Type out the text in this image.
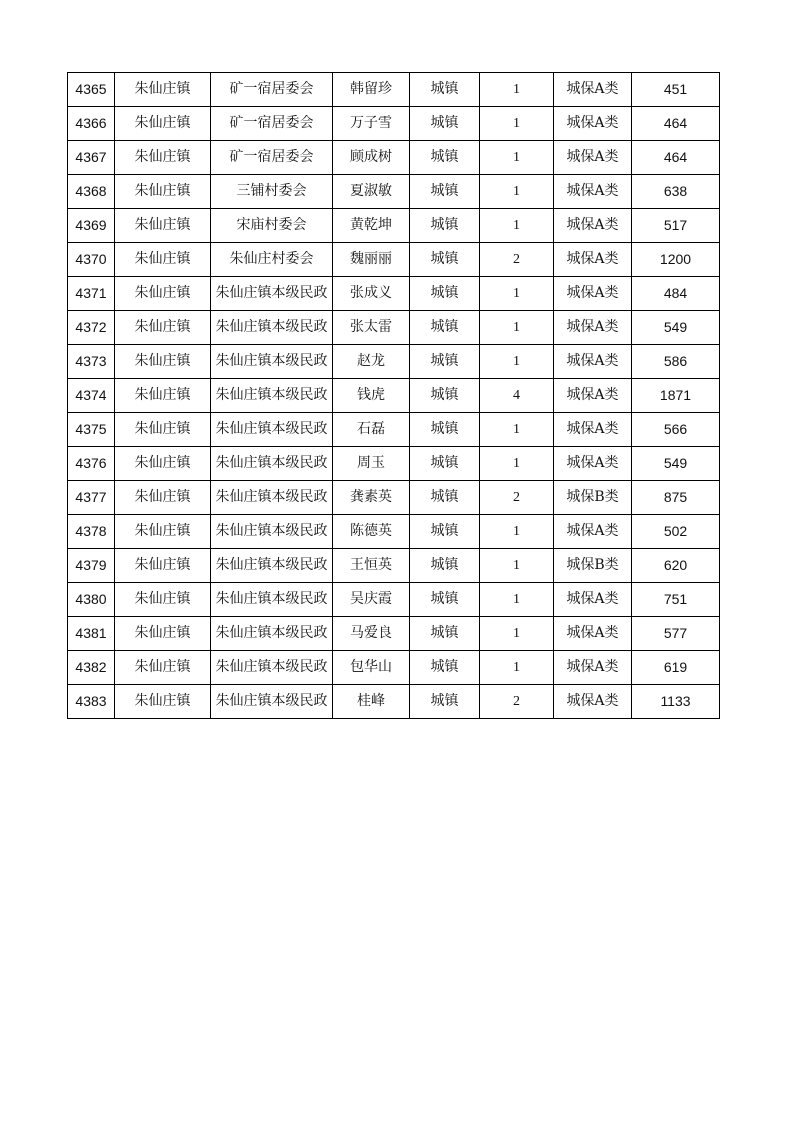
4365	朱仙庄镇	矿一宿居委会	韩留珍	城镇	1	城保A类	451
4366	朱仙庄镇	矿一宿居委会	万子雪	城镇	1	城保A类	464
4367	朱仙庄镇	矿一宿居委会	顾成树	城镇	1	城保A类	464
4368	朱仙庄镇	三铺村委会	夏淑敏	城镇	1	城保A类	638
4369	朱仙庄镇	宋庙村委会	黄乾坤	城镇	1	城保A类	517
4370	朱仙庄镇	朱仙庄村委会	魏丽丽	城镇	2	城保A类	1200
4371	朱仙庄镇	朱仙庄镇本级民政	张成义	城镇	1	城保A类	484
4372	朱仙庄镇	朱仙庄镇本级民政	张太雷	城镇	1	城保A类	549
4373	朱仙庄镇	朱仙庄镇本级民政	赵龙	城镇	1	城保A类	586
4374	朱仙庄镇	朱仙庄镇本级民政	钱虎	城镇	4	城保A类	1871
4375	朱仙庄镇	朱仙庄镇本级民政	石磊	城镇	1	城保A类	566
4376	朱仙庄镇	朱仙庄镇本级民政	周玉	城镇	1	城保A类	549
4377	朱仙庄镇	朱仙庄镇本级民政	龚素英	城镇	2	城保B类	875
4378	朱仙庄镇	朱仙庄镇本级民政	陈德英	城镇	1	城保A类	502
4379	朱仙庄镇	朱仙庄镇本级民政	王恒英	城镇	1	城保B类	620
4380	朱仙庄镇	朱仙庄镇本级民政	吴庆霞	城镇	1	城保A类	751
4381	朱仙庄镇	朱仙庄镇本级民政	马爱良	城镇	1	城保A类	577
4382	朱仙庄镇	朱仙庄镇本级民政	包华山	城镇	1	城保A类	619
4383	朱仙庄镇	朱仙庄镇本级民政	桂峰	城镇	2	城保A类	1133
